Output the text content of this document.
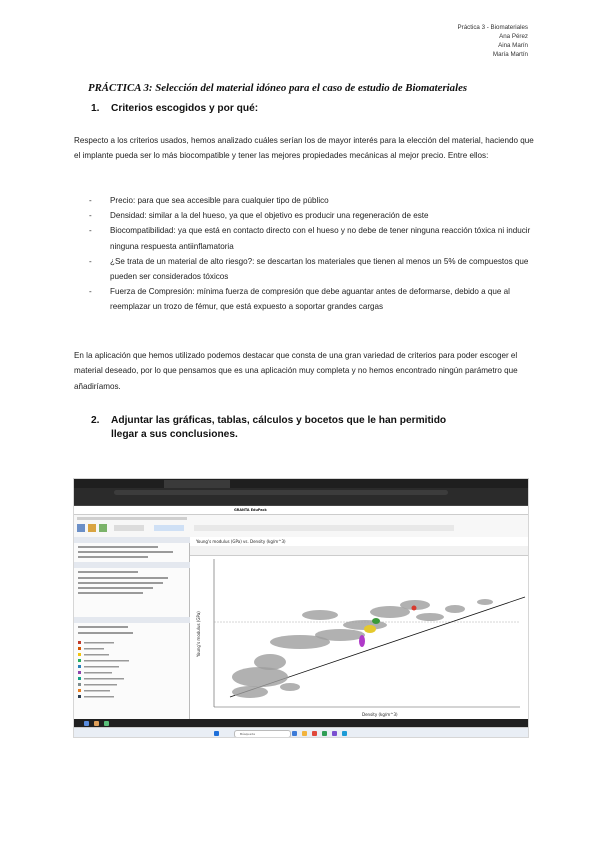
Práctica 3 - Biomateriales
Ana Pérez
Aina Marín
María Martín
PRÁCTICA 3: Selección del material idóneo para el caso de estudio de Biomateriales
1. Criterios escogidos y por qué:
Respecto a los criterios usados, hemos analizado cuáles serían los de mayor interés para la elección del material, haciendo que el implante pueda ser lo más biocompatible y tener las mejores propiedades mecánicas al mejor precio. Entre ellos:
- Precio: para que sea accesible para cualquier tipo de público
- Densidad: similar a la del hueso, ya que el objetivo es producir una regeneración de este
- Biocompatibilidad: ya que está en contacto directo con el hueso y no debe de tener ninguna reacción tóxica ni inducir ninguna respuesta antiinflamatoria
- ¿Se trata de un material de alto riesgo?: se descartan los materiales que tienen al menos un 5% de compuestos que pueden ser considerados tóxicos
- Fuerza de Compresión: mínima fuerza de compresión que debe aguantar antes de deformarse, debido a que al reemplazar un trozo de fémur, que está expuesto a soportar grandes cargas
En la aplicación que hemos utilizado podemos destacar que consta de una gran variedad de criterios para poder escoger el material deseado, por lo que pensamos que es una aplicación muy completa y no hemos encontrado ningún parámetro que añadiríamos.
2. Adjuntar las gráficas, tablas, cálculos y bocetos que le han permitido
llegar a sus conclusiones.
GRANTA EduPack
Young's modulus (GPa) vs. Density (kg/m^3)
Density (kg/m^3)
Young's modulus (GPa)
Búsqueda
